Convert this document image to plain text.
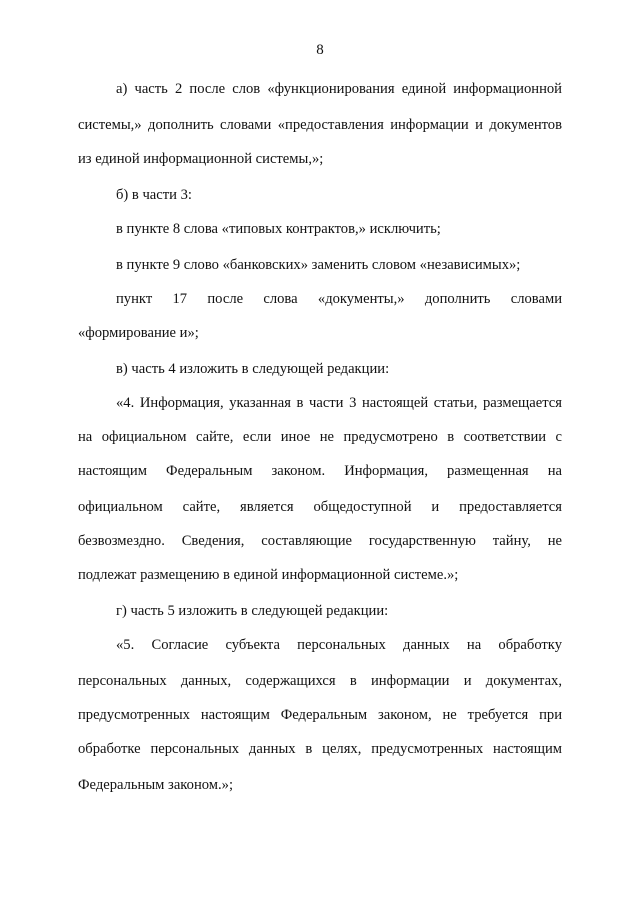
8
а) часть 2 после слов «функционирования единой информационной
системы,» дополнить словами «предоставления информации и документов
из единой информационной системы,»;
б) в части 3:
в пункте 8 слова «типовых контрактов,» исключить;
в пункте 9 слово «банковских» заменить словом «независимых»;
пункт 17 после слова «документы,» дополнить словами
«формирование и»;
в) часть 4 изложить в следующей редакции:
«4. Информация, указанная в части 3 настоящей статьи, размещается
на официальном сайте, если иное не предусмотрено в соответствии с
настоящим Федеральным законом. Информация, размещенная на
официальном сайте, является общедоступной и предоставляется
безвозмездно. Сведения, составляющие государственную тайну, не
подлежат размещению в единой информационной системе.»;
г) часть 5 изложить в следующей редакции:
«5. Согласие субъекта персональных данных на обработку
персональных данных, содержащихся в информации и документах,
предусмотренных настоящим Федеральным законом, не требуется при
обработке персональных данных в целях, предусмотренных настоящим
Федеральным законом.»;
